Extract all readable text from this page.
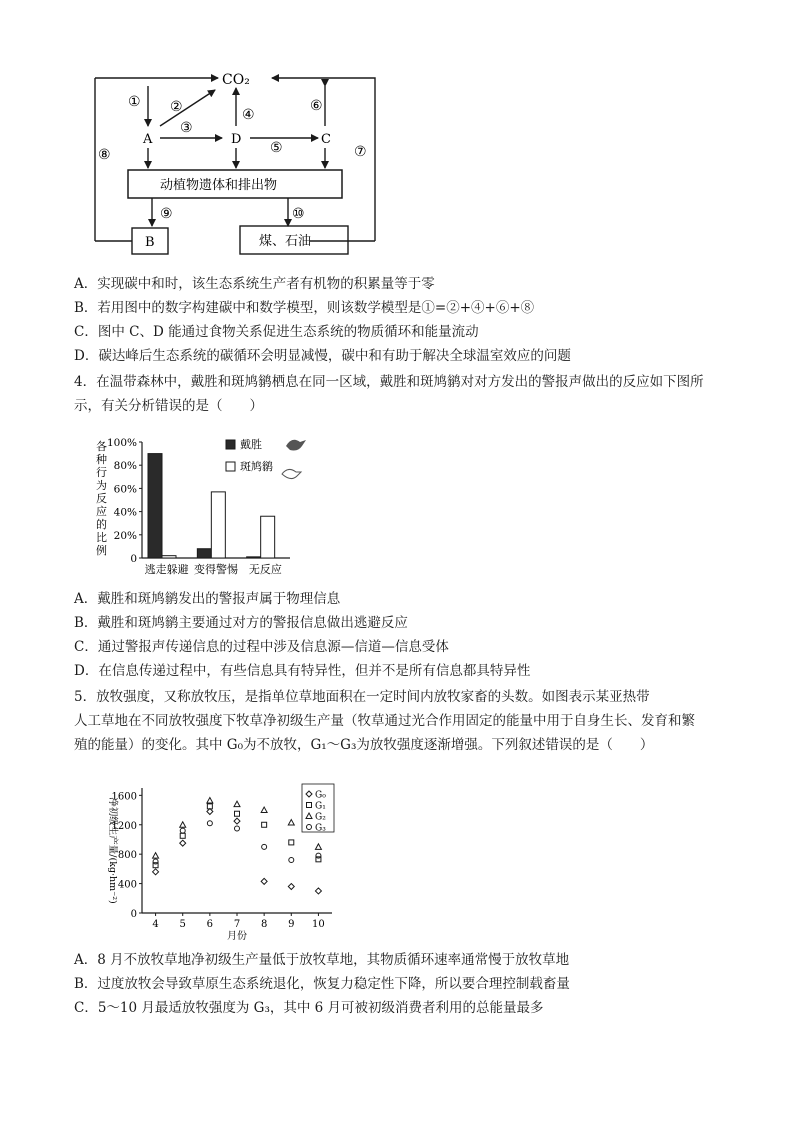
CO₂
A	D	C
B
动植物遗体和排出物
煤、石油
① ②
③
④
⑤
⑥
⑦
⑧
⑨	⑩
A．实现碳中和时，该生态系统生产者有机物的积累量等于零
B．若用图中的数字构建碳中和数学模型，则该数学模型是①=②+④+⑥+⑧
C．图中 C、D 能通过食物关系促进生态系统的物质循环和能量流动
D．碳达峰后生态系统的碳循环会明显减慢，碳中和有助于解决全球温室效应的问题
4．在温带森林中，戴胜和斑鸠鹟栖息在同一区域，戴胜和斑鸠鹟对对方发出的警报声做出的反应如下图所
示，有关分析错误的是（　　）
各种行为反应的比例
100%
80%
60%
40%
20%
0
逃走躲避 变得警惕 无反应
戴胜
斑鸠鹟
A．戴胜和斑鸠鹟发出的警报声属于物理信息
B．戴胜和斑鸠鹟主要通过对方的警报信息做出逃避反应
C．通过警报声传递信息的过程中涉及信息源—信道—信息受体
D．在信息传递过程中，有些信息具有特异性，但并不是所有信息都具特异性
5．放牧强度，又称放牧压，是指单位草地面积在一定时间内放牧家畜的头数。如图表示某亚热带
人工草地在不同放牧强度下牧草净初级生产量（牧草通过光合作用固定的能量中用于自身生长、发育和繁
殖的能量）的变化。其中 G₀为不放牧，G₁～G₃为放牧强度逐渐增强。下列叙述错误的是（　　）
净初级生产量/(kg·hm⁻²)
0
400
800
1200
1600
4 5 6 7 8 9 10
月份
G₀
G₁
G₂
G₃
A．8 月不放牧草地净初级生产量低于放牧草地，其物质循环速率通常慢于放牧草地
B．过度放牧会导致草原生态系统退化，恢复力稳定性下降，所以要合理控制载畜量
C．5～10 月最适放牧强度为 G₃，其中 6 月可被初级消费者利用的总能量最多
